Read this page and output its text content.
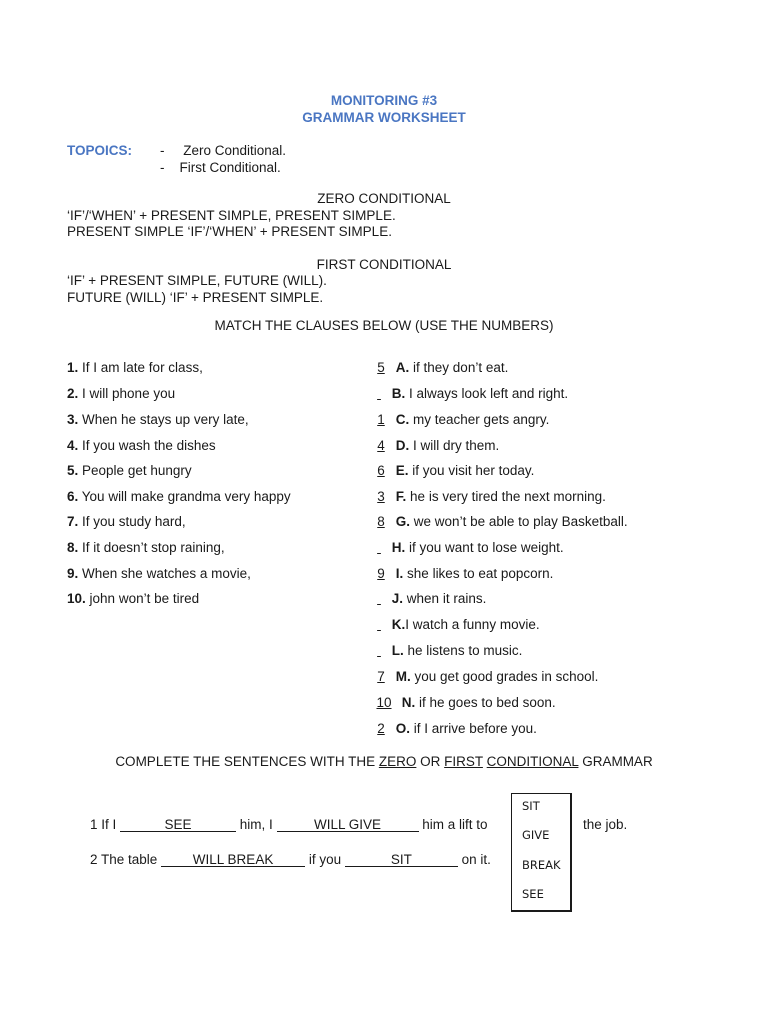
MONITORING #3
GRAMMAR WORKSHEET
TOPOICS: -     Zero Conditional.
-    First Conditional.
ZERO CONDITIONAL
‘IF’/‘WHEN’ + PRESENT SIMPLE, PRESENT SIMPLE.
PRESENT SIMPLE ‘IF’/‘WHEN’ + PRESENT SIMPLE.
FIRST CONDITIONAL
‘IF’ + PRESENT SIMPLE, FUTURE (WILL).
FUTURE (WILL) ‘IF’ + PRESENT SIMPLE.
MATCH THE CLAUSES BELOW (USE THE NUMBERS)
1. If I am late for class,
2. I will phone you
3. When he stays up very late,
4. If you wash the dishes
5. People get hungry
6. You will make grandma very happy
7. If you study hard,
8. If it doesn’t stop raining,
9. When she watches a movie,
10. john won’t be tired
5 A. if they don’t eat.
B. I always look left and right.
1 C. my teacher gets angry.
4 D. I will dry them.
6 E. if you visit her today.
3 F. he is very tired the next morning.
8 G. we won’t be able to play Basketball.
H. if you want to lose weight.
9 I. she likes to eat popcorn.
J. when it rains.
K.I watch a funny movie.
L. he listens to music.
7 M. you get good grades in school.
10 N. if he goes to bed soon.
2 O. if I arrive before you.
COMPLETE THE SENTENCES WITH THE ZERO OR FIRST CONDITIONAL GRAMMAR
1 If I	SEE	him, I	WILL GIVE	him a lift to	the job.
2 The table WILL BREAK if you	SIT	on it.
SIT
GIVE
BREAK
SEE
